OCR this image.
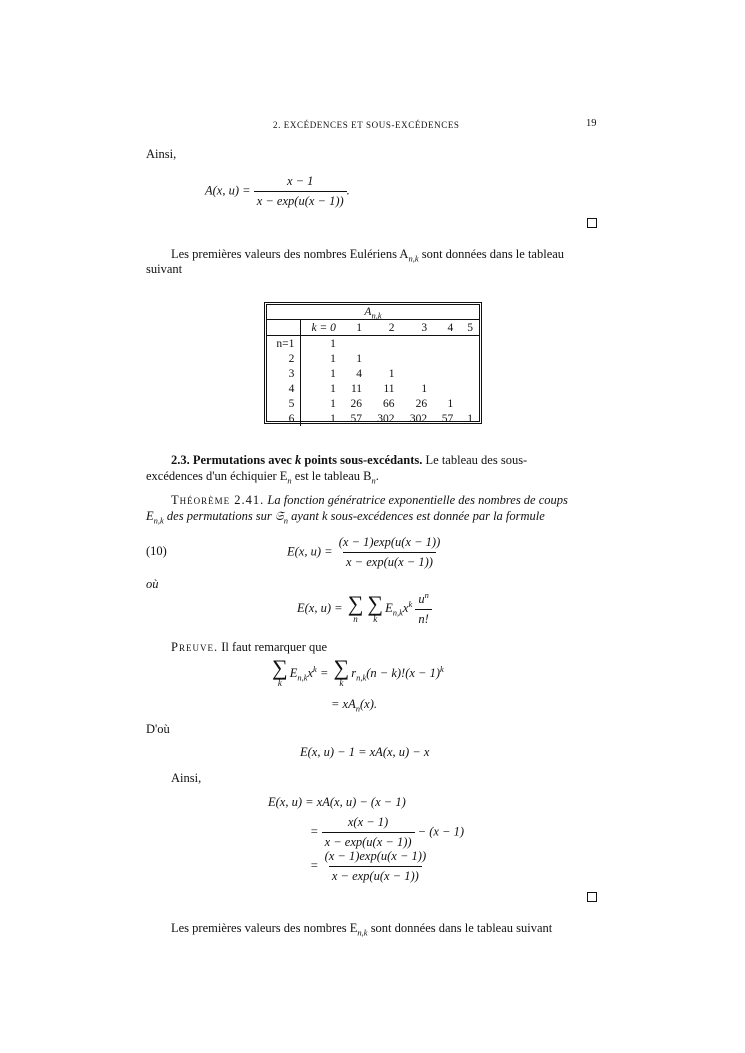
2. EXCÉDENCES ET SOUS-EXCÉDENCES	19
Ainsi,
A(x, $u) = \frac{x - 1}{x - \exp(u(x - 1))}$ .
Les premières valeurs des nombres Eulériens $A_{n,k}$ sont données dans le tableau
suivant
$A_{n,k}$
	k = 0	1	2	3	4	5
n=1	1					
2	1	1				
3	1	4	1			
4	1	11	11	1		
5	1	26	66	26	1	
6	1	57	302	302	57	1
2.3. Permutations avec k points sous-excédants. Le tableau des sous-
excédences d'un échiquier $E_n$ est le tableau $B_n$.
Théorème 2.41. La fonction génératrice exponentielle des nombres de coups
$E_{n,k}$ des permutations sur 𝔖$_n$ ayant k sous-excédences est donnée par la formule
(10)	E(x, $u) = \frac{(x - 1)\exp(u(x - 1))}{x - \exp(u(x - 1))}$
où
E(x, u) = ∑
n
∑
k
$E_{n,k}x^k \frac{u^n}{n!}$
Preuve. Il faut remarquer que
∑
k
$E_{n,k}x^k$ = ∑
k
$r_{n,k}(n - k)!(x - 1)^k$
= $xA_n(x)$.
D'où
E(x, u) − 1 = xA(x, u) − x
Ainsi,
E(x, u) = xA(x, u) − (x − 1)
= $\frac{x(x - 1)}{x - \exp(u(x - 1))} - (x - 1)$
= $\frac{(x - 1)\exp(u(x - 1))}{x - \exp(u(x - 1))}$
Les premières valeurs des nombres $E_{n,k}$ sont données dans le tableau suivant
